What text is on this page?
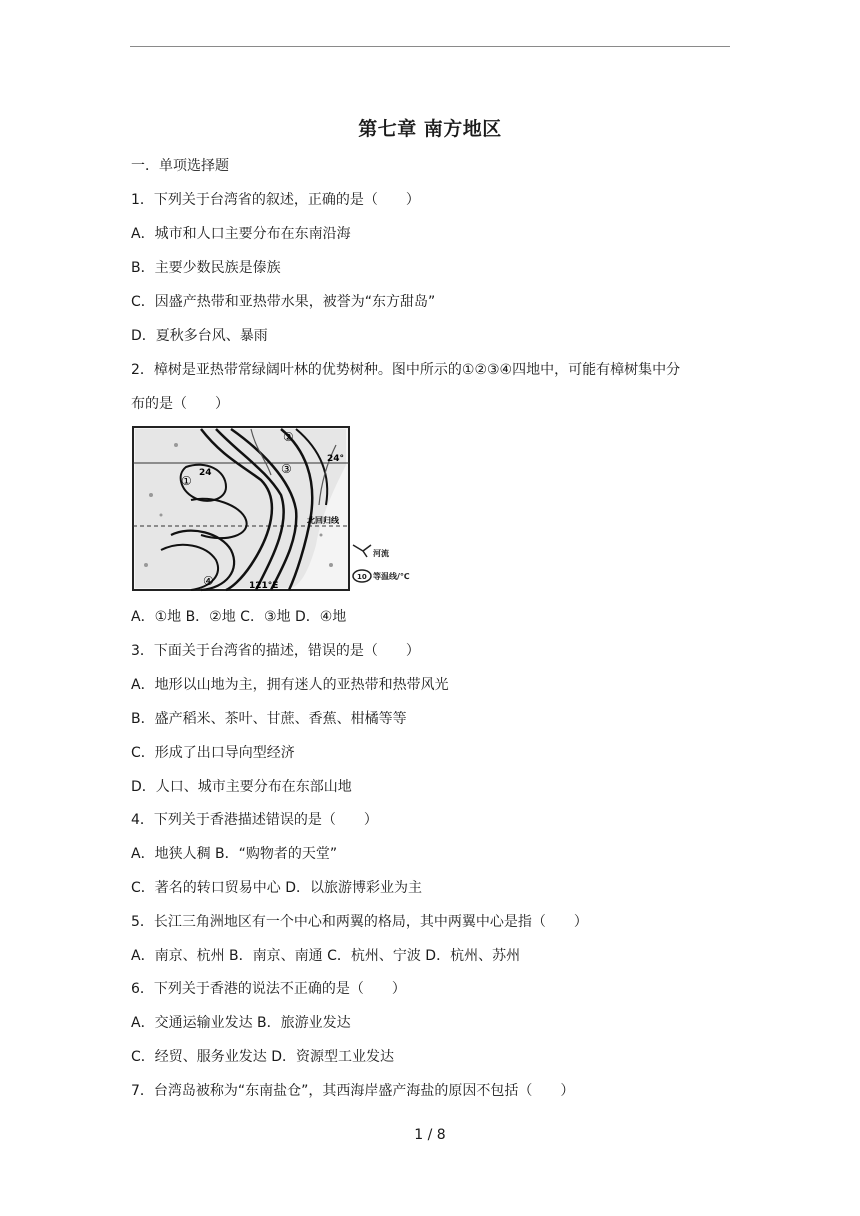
第七章 南方地区
一．单项选择题
1．下列关于台湾省的叙述，正确的是（　　）
A．城市和人口主要分布在东南沿海
B．主要少数民族是傣族
C．因盛产热带和亚热带水果，被誉为“东方甜岛”
D．夏秋多台风、暴雨
2．樟树是亚热带常绿阔叶林的优势树种。图中所示的①②③④四地中，可能有樟树集中分
布的是（　　）
①
②
③
④
24
24°
121°E
北回归线
河流
10 等温线/℃
A．①地 B．②地 C．③地 D．④地
3．下面关于台湾省的描述，错误的是（　　）
A．地形以山地为主，拥有迷人的亚热带和热带风光
B．盛产稻米、茶叶、甘蔗、香蕉、柑橘等等
C．形成了出口导向型经济
D．人口、城市主要分布在东部山地
4．下列关于香港描述错误的是（　　）
A．地狭人稠 B．“购物者的天堂”
C．著名的转口贸易中心 D．以旅游博彩业为主
5．长江三角洲地区有一个中心和两翼的格局，其中两翼中心是指（　　）
A．南京、杭州 B．南京、南通 C．杭州、宁波 D．杭州、苏州
6．下列关于香港的说法不正确的是（　　）
A．交通运输业发达 B．旅游业发达
C．经贸、服务业发达 D．资源型工业发达
7．台湾岛被称为“东南盐仓”，其西海岸盛产海盐的原因不包括（　　）
1 / 8
